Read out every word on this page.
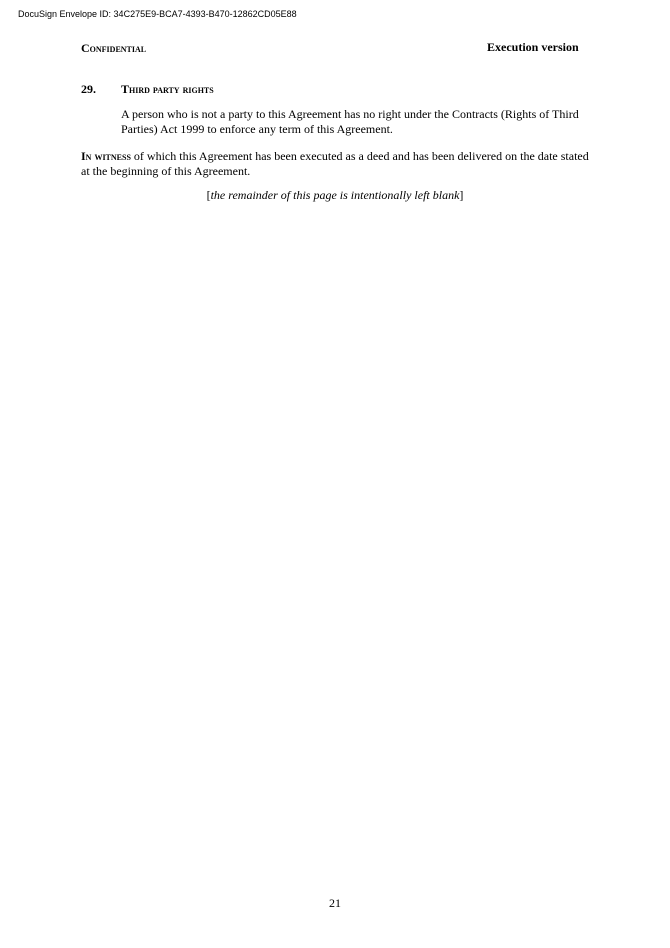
DocuSign Envelope ID: 34C275E9-BCA7-4393-B470-12862CD05E88
Confidential	Execution version
29. Third party rights
A person who is not a party to this Agreement has no right under the Contracts (Rights of Third Parties) Act 1999 to enforce any term of this Agreement.
In witness of which this Agreement has been executed as a deed and has been delivered on the date stated at the beginning of this Agreement.
[the remainder of this page is intentionally left blank]
21
